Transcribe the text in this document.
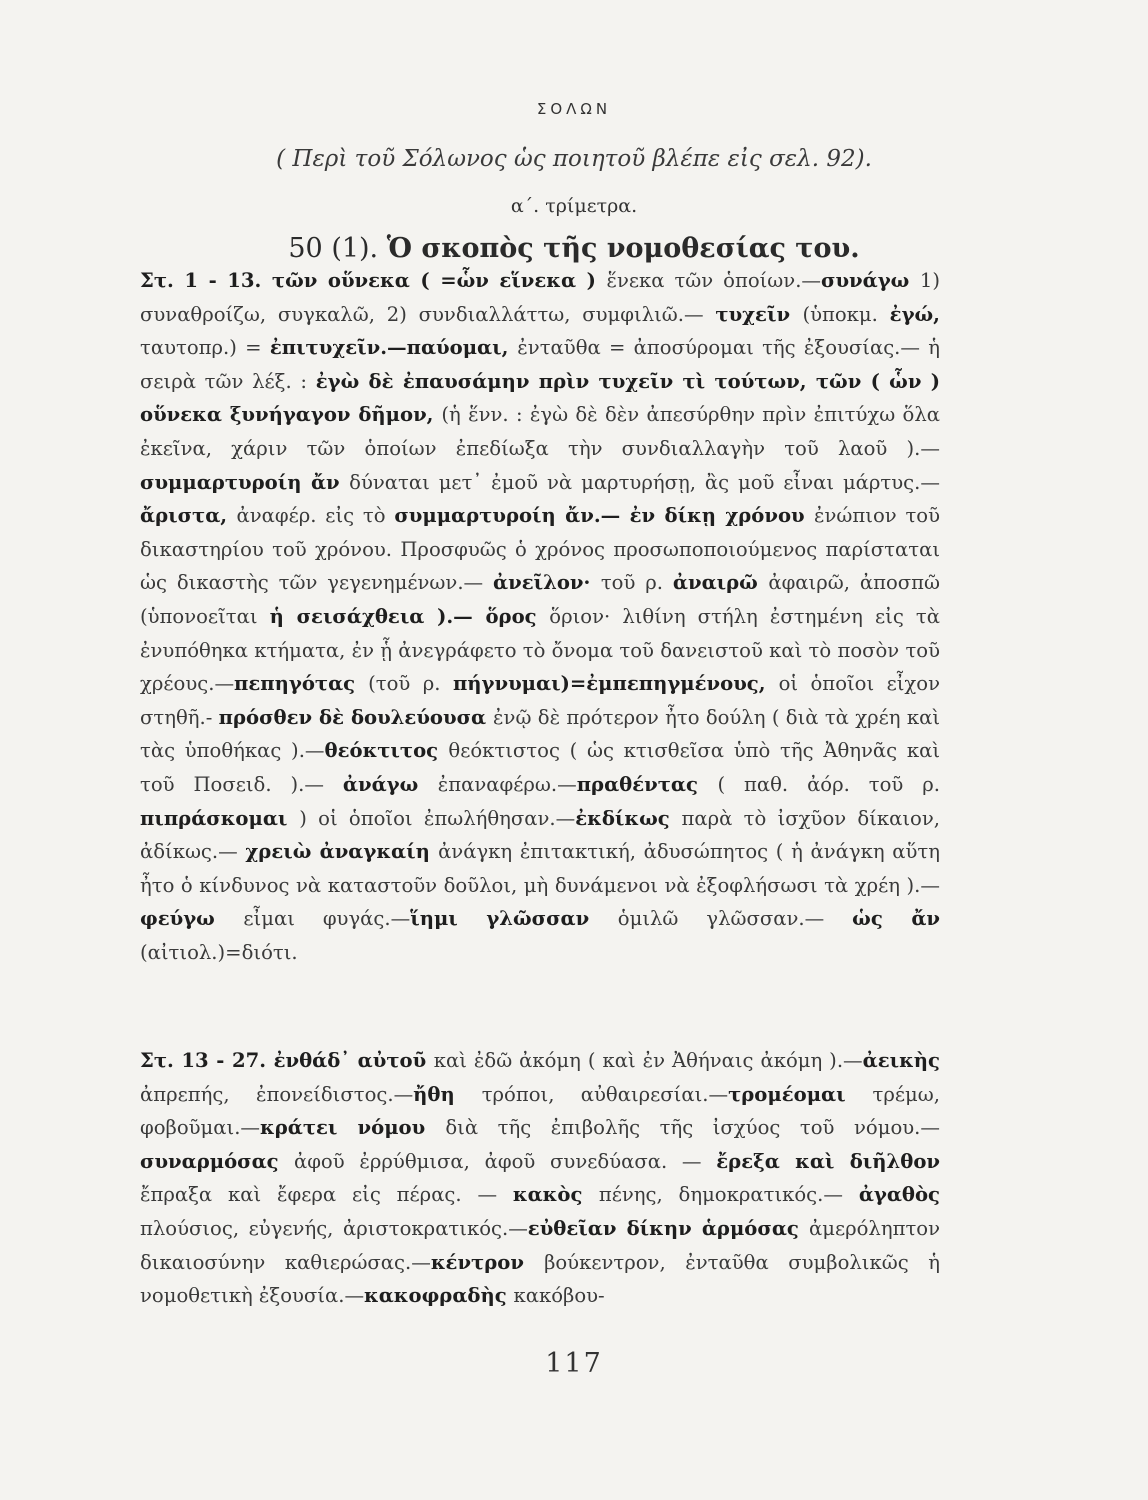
ΣΟΛΩΝ
( Περὶ τοῦ Σόλωνος ὡς ποιητοῦ βλέπε εἰς σελ. 92).
α΄. τρίμετρα.
50 (1). Ὁ σκοπὸς τῆς νομοθεσίας του.
Στ. 1 - 13. τῶν οὕνεκα ( =ὧν εἵνεκα ) ἕνεκα τῶν ὁποίων.—συνάγω 1) συναθροίζω, συγκαλῶ, 2) συνδιαλλάττω, συμφιλιῶ.— τυχεῖν (ὑποκμ. ἐγώ, ταυτοπρ.) = ἐπιτυχεῖν.—παύομαι, ἐνταῦθα = ἀποσύρομαι τῆς ἐξουσίας.— ἡ σειρὰ τῶν λέξ. : ἐγὼ δὲ ἐπαυσάμην πρὶν τυχεῖν τὶ τούτων, τῶν ( ὧν ) οὕνεκα ξυνήγαγον δῆμον, (ἡ ἕνν. : ἐγὼ δὲ δὲν ἀπεσύρθην πρὶν ἐπιτύχω ὅλα ἐκεῖνα, χάριν τῶν ὁποίων ἐπεδίωξα τὴν συνδιαλλαγὴν τοῦ λαοῦ ).—συμμαρτυροίη ἄν δύναται μετ᾽ ἐμοῦ νὰ μαρτυρήσῃ, ἂς μοῦ εἶναι μάρτυς.— ἄριστα, ἀναφέρ. εἰς τὸ συμμαρτυροίη ἄν.— ἐν δίκῃ χρόνου ἐνώπιον τοῦ δικαστηρίου τοῦ χρόνου. Προσφυῶς ὁ χρόνος προσωποποιούμενος παρίσταται ὡς δικαστὴς τῶν γεγενημένων.— ἀνεῖλον· τοῦ ρ. ἀναιρῶ ἀφαιρῶ, ἀποσπῶ (ὑπονοεῖται ἡ σεισάχθεια ).— ὅρος ὅριον· λιθίνη στήλη ἐστημένη εἰς τὰ ἐνυπόθηκα κτήματα, ἐν ᾗ ἀνεγράφετο τὸ ὄνομα τοῦ δανειστοῦ καὶ τὸ ποσὸν τοῦ χρέους.—πεπηγότας (τοῦ ρ. πήγνυμαι)=ἐμπεπηγμένους, οἱ ὁποῖοι εἶχον στηθῆ.- πρόσθεν δὲ δουλεύουσα ἐνῷ δὲ πρότερον ἦτο δούλη ( διὰ τὰ χρέη καὶ τὰς ὑποθήκας ).—θεόκτιτος θεόκτιστος ( ὡς κτισθεῖσα ὑπὸ τῆς Ἀθηνᾶς καὶ τοῦ Ποσειδ. ).— ἀνάγω ἐπαναφέρω.—πραθέντας ( παθ. ἀόρ. τοῦ ρ. πιπράσκομαι ) οἱ ὁποῖοι ἐπωλήθησαν.—ἐκδίκως παρὰ τὸ ἰσχῦον δίκαιον, ἀδίκως.— χρειὼ ἀναγκαίη ἀνάγκη ἐπιτακτική, ἀδυσώπητος ( ἡ ἀνάγκη αὕτη ἦτο ὁ κίνδυνος νὰ καταστοῦν δοῦλοι, μὴ δυνάμενοι νὰ ἐξοφλήσωσι τὰ χρέη ).—φεύγω εἶμαι φυγάς.—ἵημι γλῶσσαν ὁμιλῶ γλῶσσαν.— ὡς ἄν (αἰτιολ.)=διότι.
Στ. 13 - 27. ἐνθάδ᾽ αὐτοῦ καὶ ἐδῶ ἀκόμη ( καὶ ἐν Ἀθήναις ἀκόμη ).—ἀεικὴς ἀπρεπής, ἐπονείδιστος.—ἤθη τρόποι, αὐθαιρεσίαι.—τρομέομαι τρέμω, φοβοῦμαι.—κράτει νόμου διὰ τῆς ἐπιβολῆς τῆς ἰσχύος τοῦ νόμου.— συναρμόσας ἀφοῦ ἐρρύθμισα, ἀφοῦ συνεδύασα. — ἔρεξα καὶ διῆλθον ἔπραξα καὶ ἔφερα εἰς πέρας. — κακὸς πένης, δημοκρατικός.— ἀγαθὸς πλούσιος, εὐγενής, ἀριστοκρατικός.—εὐθεῖαν δίκην ἁρμόσας ἀμερόληπτον δικαιοσύνην καθιερώσας.—κέντρον βούκεντρον, ἐνταῦθα συμβολικῶς ἡ νομοθετικὴ ἐξουσία.—κακοφραδὴς κακόβου-
117
